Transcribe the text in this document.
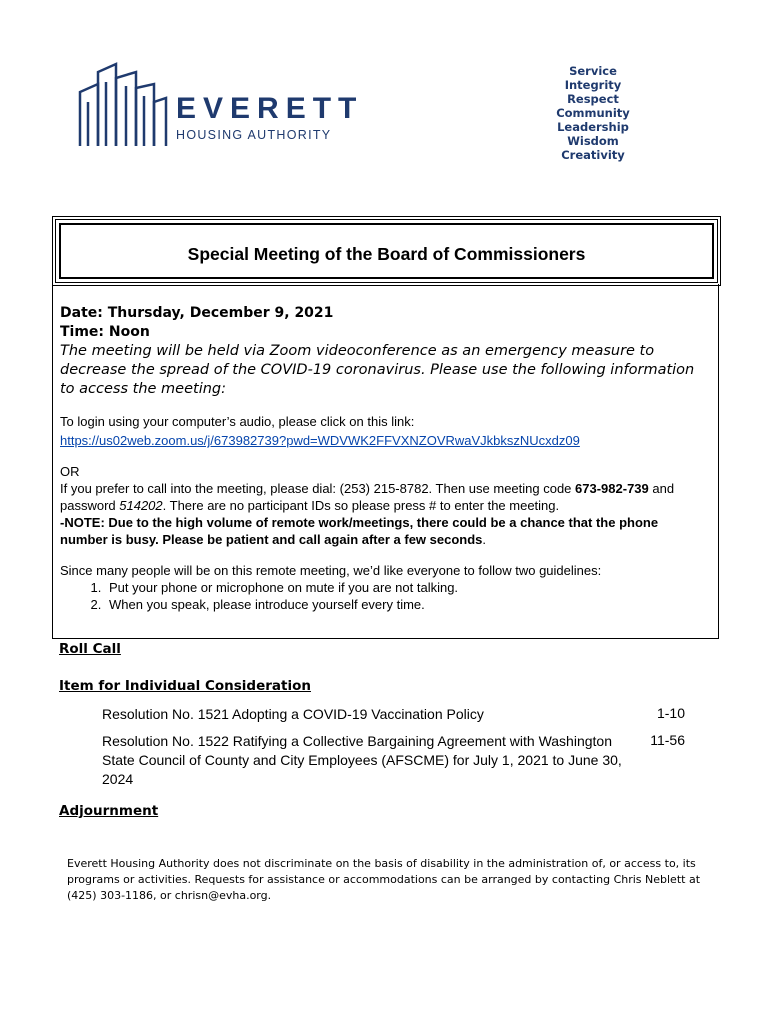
EVERETT
HOUSING AUTHORITY
Service
Integrity
Respect
Community
Leadership
Wisdom
Creativity
Special Meeting of the Board of Commissioners
Date: Thursday, December 9, 2021
Time: Noon
The meeting will be held via Zoom videoconference as an emergency measure to decrease the spread of the COVID-19 coronavirus. Please use the following information to access the meeting:
To login using your computer’s audio, please click on this link:
https://us02web.zoom.us/j/673982739?pwd=WDVWK2FFVXNZOVRwaVJkbkszNUcxdz09
OR
If you prefer to call into the meeting, please dial: (253) 215-8782. Then use meeting code 673-982-739 and password 514202. There are no participant IDs so please press # to enter the meeting.
-NOTE: Due to the high volume of remote work/meetings, there could be a chance that the phone number is busy. Please be patient and call again after a few seconds.
Since many people will be on this remote meeting, we’d like everyone to follow two guidelines:
1. Put your phone or microphone on mute if you are not talking.
2. When you speak, please introduce yourself every time.
Roll Call
Item for Individual Consideration
Resolution No. 1521 Adopting a COVID-19 Vaccination Policy	1-10
Resolution No. 1522 Ratifying a Collective Bargaining Agreement with Washington State Council of County and City Employees (AFSCME) for July 1, 2021 to June 30, 2024
11-56
Adjournment
Everett Housing Authority does not discriminate on the basis of disability in the administration of, or access to, its programs or activities. Requests for assistance or accommodations can be arranged by contacting Chris Neblett at (425) 303-1186, or chrisn@evha.org.
